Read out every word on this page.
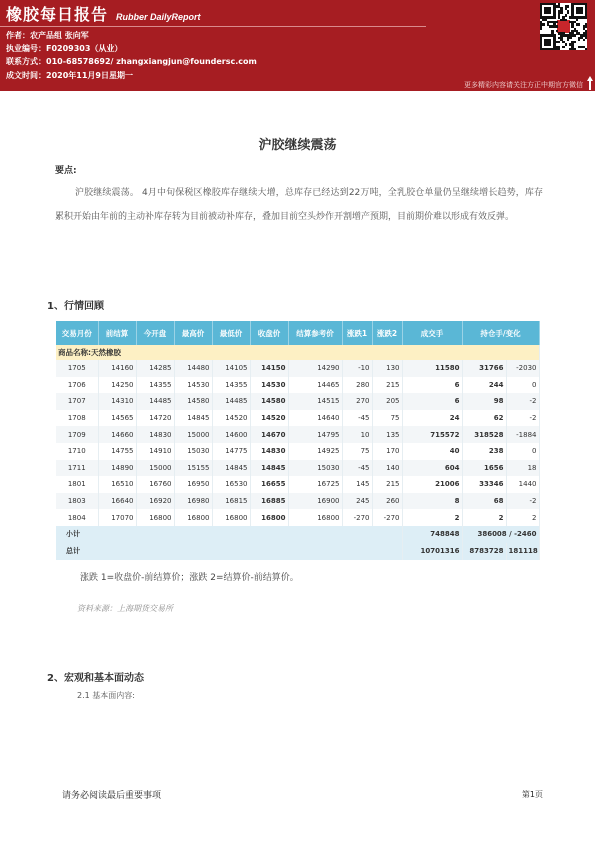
橡胶每日报告 Rubber DailyReport
作者：农产品组 张向军
执业编号：F0209303（从业）
联系方式：010-68578692/ zhangxiangjun@foundersc.com
成文时间：2020年11月9日星期一
更多精彩内容请关注方正中期官方微信
沪胶继续震荡
要点:
沪胶继续震荡。 4月中旬保税区橡胶库存继续大增，总库存已经达到22万吨，全乳胶仓单量仍呈继续增长趋势，库存累积开始由年前的主动补库存转为目前被动补库存，叠加目前空头炒作开割增产预期，目前期价难以形成有效反弹。
1、行情回顾
交易月份	前结算	今开盘	最高价	最低价	收盘价	结算参考价	涨跌1	涨跌2	成交手	持仓手/变化	
商品名称:天然橡胶											
1705	14160	14285	14480	14105	14150	14290	-10	130	11580	31766	-2030
1706	14250	14355	14530	14355	14530	14465	280	215	6	244	0
1707	14310	14485	14580	14485	14580	14515	270	205	6	98	-2
1708	14565	14720	14845	14520	14520	14640	-45	75	24	62	-2
1709	14660	14830	15000	14600	14670	14795	10	135	715572	318528	-1884
1710	14755	14910	15030	14775	14830	14925	75	170	40	238	0
1711	14890	15000	15155	14845	14845	15030	-45	140	604	1656	18
1801	16510	16760	16950	16530	16655	16725	145	215	21006	33346	1440
1803	16640	16920	16980	16815	16885	16900	245	260	8	68	-2
1804	17070	16800	16800	16800	16800	16800	-270	-270	2	2	2
小计									748848	386008 / -2460	
总计									10701316	8783728	181118
涨跌 1=收盘价-前结算价；涨跌 2=结算价-前结算价。
资料来源：上海期货交易所
2、宏观和基本面动态
2.1 基本面内容:
请务必阅读最后重要事项	第1页
